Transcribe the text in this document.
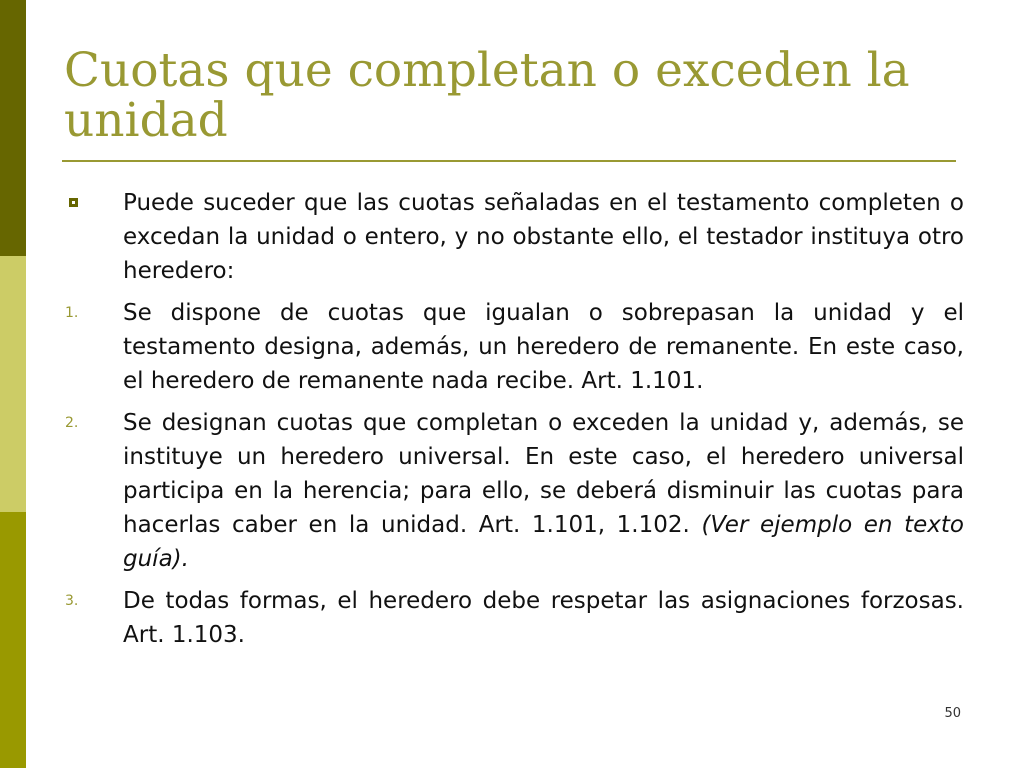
Cuotas que completan o exceden la unidad
Puede suceder que las cuotas señaladas en el testamento completen o excedan la unidad o entero, y no obstante ello, el testador instituya otro heredero:
1. Se dispone de cuotas que igualan o sobrepasan la unidad y el testamento designa, además, un heredero de remanente. En este caso, el heredero de remanente nada recibe. Art. 1.101.
2. Se designan cuotas que completan o exceden la unidad y, además, se instituye un heredero universal. En este caso, el heredero universal participa en la herencia; para ello, se deberá disminuir las cuotas para hacerlas caber en la unidad. Art. 1.101, 1.102. (Ver ejemplo en texto guía).
3. De todas formas, el heredero debe respetar las asignaciones forzosas. Art. 1.103.
50
